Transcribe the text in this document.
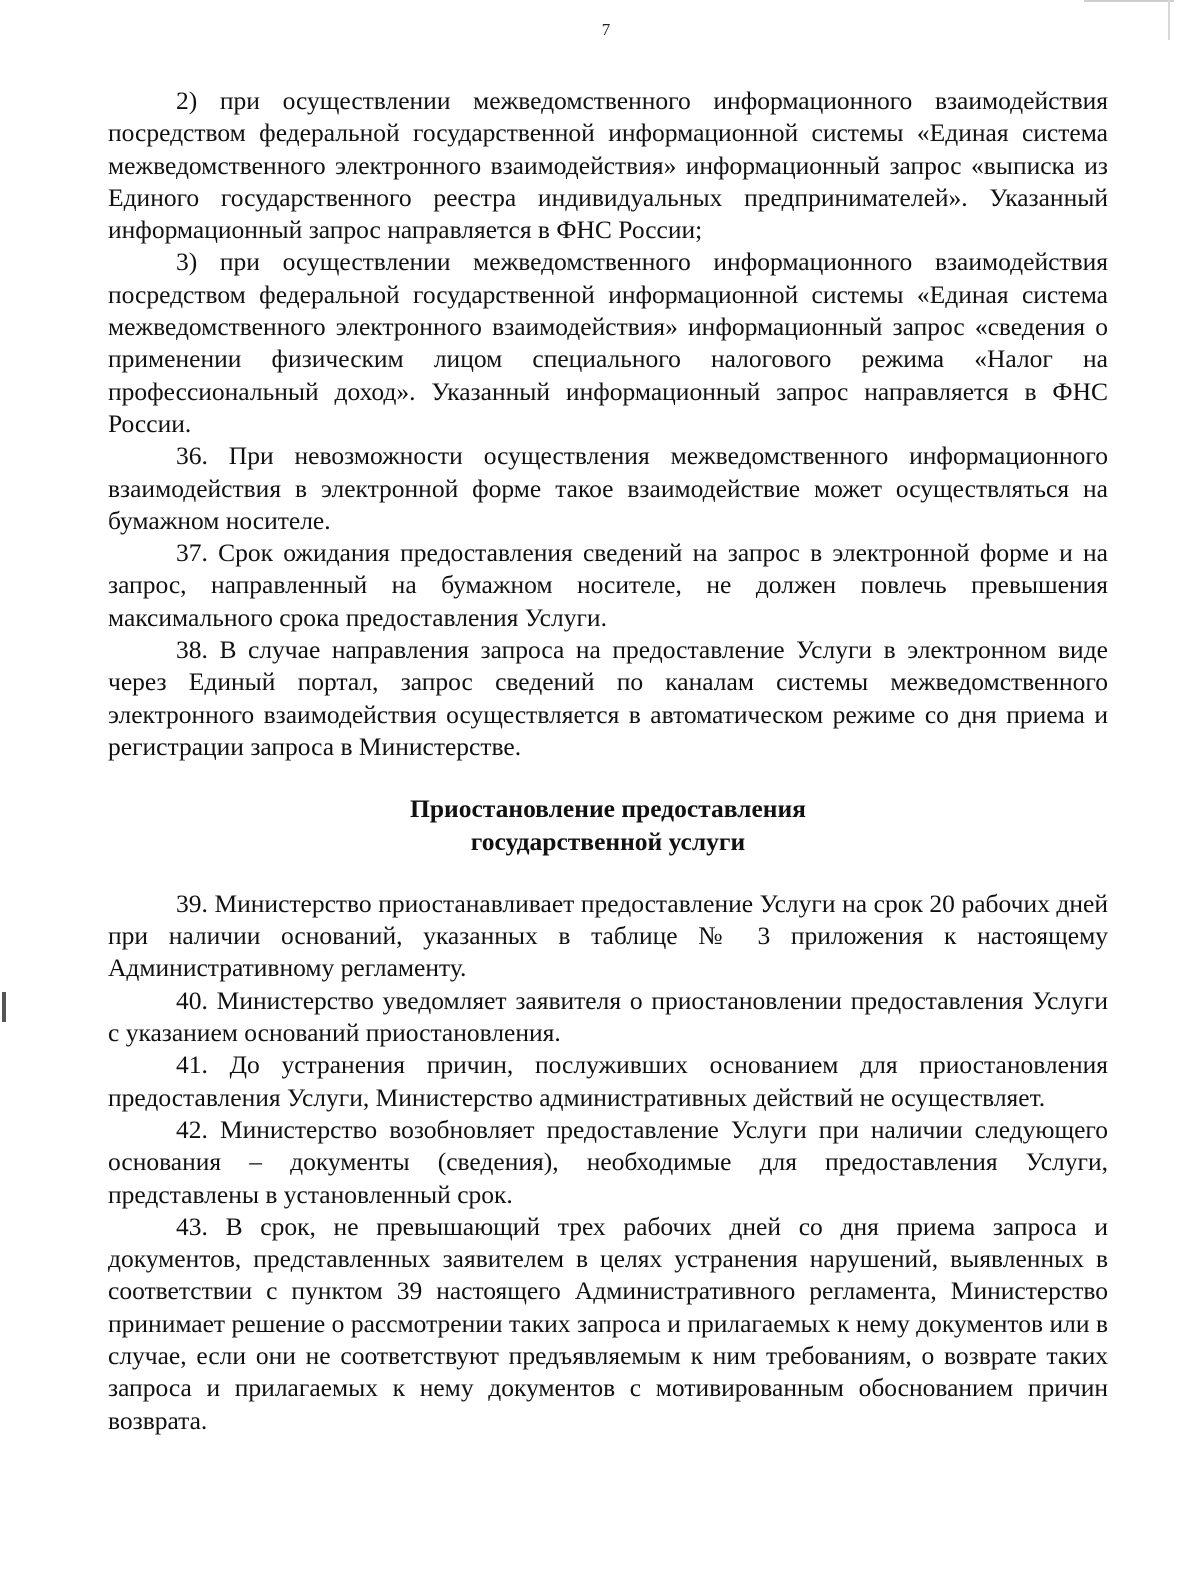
7

2) при осуществлении межведомственного информационного взаимодействия посредством федеральной государственной информационной системы «Единая система межведомственного электронного взаимодействия» информационный запрос «выписка из Единого государственного реестра индивидуальных предпринимателей». Указанный информационный запрос направляется в ФНС России;

3) при осуществлении межведомственного информационного взаимодействия посредством федеральной государственной информационной системы «Единая система межведомственного электронного взаимодействия» информационный запрос «сведения о применении физическим лицом специального налогового режима «Налог на профессиональный доход». Указанный информационный запрос направляется в ФНС России.

36. При невозможности осуществления межведомственного информационного взаимодействия в электронной форме такое взаимодействие может осуществляться на бумажном носителе.

37. Срок ожидания предоставления сведений на запрос в электронной форме и на запрос, направленный на бумажном носителе, не должен повлечь превышения максимального срока предоставления Услуги.

38. В случае направления запроса на предоставление Услуги в электронном виде через Единый портал, запрос сведений по каналам системы межведомственного электронного взаимодействия осуществляется в автоматическом режиме со дня приема и регистрации запроса в Министерстве.

Приостановление предоставления

государственной услуги

39. Министерство приостанавливает предоставление Услуги на срок 20 рабочих дней при наличии оснований, указанных в таблице № 3 приложения к настоящему Административному регламенту.

40. Министерство уведомляет заявителя о приостановлении предоставления Услуги с указанием оснований приостановления.

41. До устранения причин, послуживших основанием для приостановления предоставления Услуги, Министерство административных действий не осуществляет.

42. Министерство возобновляет предоставление Услуги при наличии следующего основания – документы (сведения), необходимые для предоставления Услуги, представлены в установленный срок.

43. В срок, не превышающий трех рабочих дней со дня приема запроса и документов, представленных заявителем в целях устранения нарушений, выявленных в соответствии с пунктом 39 настоящего Административного регламента, Министерство принимает решение о рассмотрении таких запроса и прилагаемых к нему документов или в случае, если они не соответствуют предъявляемым к ним требованиям, о возврате таких запроса и прилагаемых к нему документов с мотивированным обоснованием причин возврата.
